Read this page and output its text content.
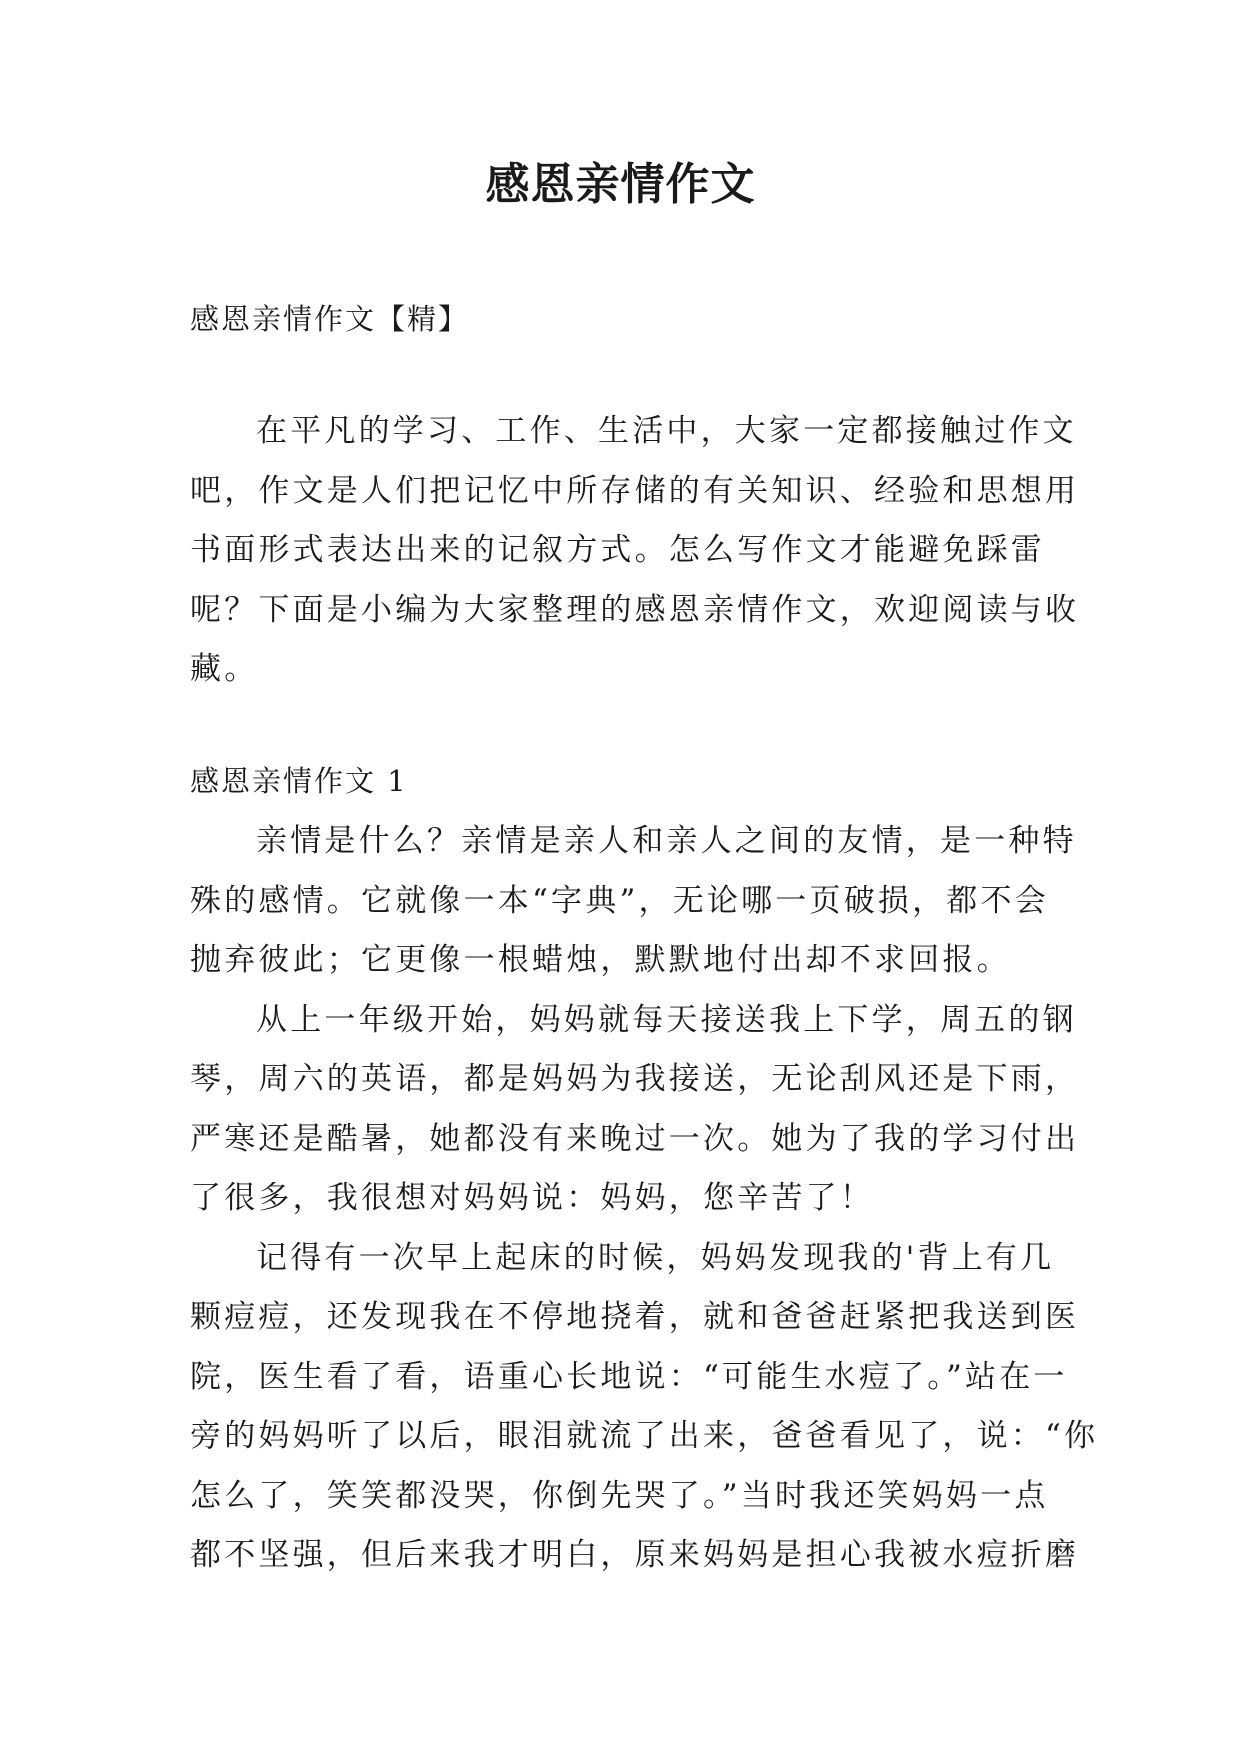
感恩亲情作文
感恩亲情作文【精】

在平凡的学习、工作、生活中，大家一定都接触过作文
吧，作文是人们把记忆中所存储的有关知识、经验和思想用
书面形式表达出来的记叙方式。怎么写作文才能避免踩雷
呢？下面是小编为大家整理的感恩亲情作文，欢迎阅读与收
藏。

感恩亲情作文 1

亲情是什么？亲情是亲人和亲人之间的友情，是一种特
殊的感情。它就像一本“字典”，无论哪一页破损，都不会
抛弃彼此；它更像一根蜡烛，默默地付出却不求回报。

从上一年级开始，妈妈就每天接送我上下学，周五的钢
琴，周六的英语，都是妈妈为我接送，无论刮风还是下雨，
严寒还是酷暑，她都没有来晚过一次。她为了我的学习付出
了很多，我很想对妈妈说：妈妈，您辛苦了！

记得有一次早上起床的时候，妈妈发现我的'背上有几
颗痘痘，还发现我在不停地挠着，就和爸爸赶紧把我送到医
院，医生看了看，语重心长地说：“可能生水痘了。”站在一
旁的妈妈听了以后，眼泪就流了出来，爸爸看见了，说：“你
怎么了，笑笑都没哭，你倒先哭了。”当时我还笑妈妈一点
都不坚强，但后来我才明白，原来妈妈是担心我被水痘折磨
